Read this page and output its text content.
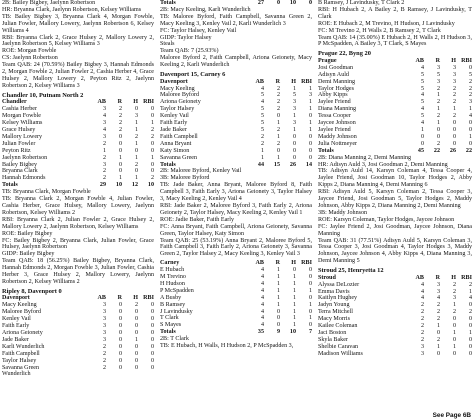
2B: Bailey Bigbey, Jaelynn Robertson

HR: Bryanna Clark, Jaelynn Robertson, Kelsey Williams

TB: Bailey Bigbey 3, Bryanna Clark 4, Morgan Fowble, Julian Fowler, Mallory Lowery, Jaelynn Robertson 6, Kelsey Williams 4

RBI: Bryanna Clark 2, Grace Hulsey 2, Mallory Lowery 2, Jaelynn Robertson 5, Kelsey Williams 3

ROE: Morgan Fowble

CS: Jaelynn Robertson

Team QAB: 24 (70.59%) Bailey Bigbey 3, Hannah Edmonds 2, Morgan Fowble 2, Julian Fowler 2, Cashia Herber 4, Grace Hulsey 2, Mallory Lowery 2, Peyton Ritz 2, Jaelynn Robertson 2, Kelsey Williams 3

Chandler 10, Putnam North 2
Chandler	AB	R	H	RBI
Cashia Herber	3	2	0	0
Morgan Fowble	4	2	3	0
Kelsey Williams	3	2	1	1
Grace Hulsey	4	2	1	2
Mallory Lowery	3	0	2	2
Julian Fowler	2	0	1	0
Peyton Ritz	1	0	0	0
Jaelynn Robertson	2	1	1	1
Bailey Bigbey	3	0	2	0
Bryanna Clark	2	0	0	0
Hannah Edmonds	2	1	1	2
Totals	29	10	12	10

TB: Bryanna Clark, Morgan Fowble

TB: Bryanna Clark 2, Morgan Fowble 4, Julian Fowler, Cashia Herber, Grace Hulsey, Mallory Lowery, Jaelynn Robertson, Kelsey Williams 2

RBI: Bryanna Clark 2, Julian Fowler 2, Grace Hulsey 2, Mallory Lowery 2, Jaelynn Robertson, Kelsey Williams

ROE: Bailey Bigbey

FC: Bailey Bigbey 2, Bryanna Clark, Julian Fowler, Grace Hulsey, Jaelynn Robertson

GIDP: Bailey Bigbey

Team QAB: 18 (56.25%) Bailey Bigbey, Bryanna Clark, Hannah Edmonds 2, Morgan Fowble 3, Julian Fowler, Cashia Herber 3, Grace Hulsey 2, Mallory Lowery, Jaelynn Robertson 2, Kelsey Williams 2

Ripley 8, Davenport 0
Davenport	AB	R	H	RBI
Macy Keeling	3	0	2	0
Maloree Byford	3	0	0	0
Kenley Vail	3	0	0	0
Faith Early	3	0	0	0
Ariona Geionety	3	0	0	0
Jade Baker	3	0	1	0
Karli Wunderlich	2	0	0	0
Faith Campbell	2	0	0	0
Taylor Halsey	2	0	0	0
Savanna Green	2	0	0	0
Wunderlich				
Totals	27	0	10	0

2B: Macy Keeling, Karli Wunderlich

TB: Maloree Byford, Faith Campbell, Savanna Green 2, Macy Keeling 3, Kenley Vail 2, Karli Wunderlich 3

FC: Taylor Halsey, Kenley Vail

GIDP: Taylor Halsey

Steals

Team QAB: 7 (25.93%)

Maloree Byford 2, Faith Campbell, Ariona Geionety, Macy Keeling 2, Karli Wunderlich

Davenport 15, Carney 6
Davenport	AB	R	H	RBI
Macy Keeling	4	2	1	1
Maloree Byford	5	2	5	3
Ariona Geionety	4	2	3	1
Taylor Halsey	5	2	3	1
Kenley Vail	5	0	1	0
Faith Early	5	1	3	1
Jade Baker	5	2	1	1
Faith Campbell	2	1	0	0
Anna Bryant	2	2	0	0
Katy Simon	1	0	0	0
Savanna Green	1	1	0	0
Totals	44	15	26	14

2B: Maloree Byford, Kenley Vail

3B: Maloree Byford

TB: Jade Baker, Anna Bryant, Maloree Byford 8, Faith Campbell 3, Faith Early 3, Ariona Geionety 3, Taylor Halsey 3, Macy Keeling 2, Kenley Vail 4

RBI: Jade Baker 2, Maloree Byford 3, Faith Early 2, Ariona Geionety 2, Taylor Halsey, Macy Keeling 2, Kenley Vail 1

ROE: Jadie Baker, Faith Early

FC: Anna Bryant, Faith Campbell, Ariona Geionety, Savanna Green, Taylor Halsey, Katy Simon

Team QAB: 25 (53.19%) Anna Bryant 2, Maloree Byford 5, Faith Campbell 3, Faith Early 2, Ariona Geionety 3, Savanna Green 2, Taylor Halsey 2, Macy Keeling 3, Kenley Vail 3

Carney	AB	R	H	RBI
E Hubach	4	1	0	0
M Trevino	4	1	1	0
H Hudson	4	1	1	0
P McSpadden	4	1	1	1
A Busby	4	1	1	0
B Ramsey	4	1	1	1
J Lavindusky	4	0	1	0
T Clark	4	0	1	1
S Mayes	4	0	1	0
Totals	35	9	10	7

2B: T Clark

TB: E Hubach, H Walls, H Hudson 2, P McSpadden 3,

B Ramsey, J Lavindusky, T Clark 2

RBI: H Hubach 2, A Bailey 2, B Ramsey, J Lavindusky, T Clark

ROE: E Hubach 2, M Trevino, H Hudson, J Lavindusky

FC: M Trevino 2, H Walls 2, B Ramsey 2, T Clark

Team QAB: 14 (35.00%) E Hubach 2, H Walls 2, H Hudson 3, P McSpadden, A Bailey 3, T Clark, S Mayes

Prague 22, Byng 20
Prague	AB	R	H	RBI
Josi Goodman	4	3	3	0
Adisyn Auld	5	5	3	5
Demi Manning	5	3	3	2
Taylor Hodges	5	2	2	2
Abby Kipps	4	1	2	2
Jaylee Friend	5	2	2	3
Diana Manning	4	1	1	1
Tessa Cooper	5	2	2	4
Jaycee Johnson	4	1	0	0
Jaylee Friend	1	0	0	0
Maddy Johnson	0	0	0	1
Julia Nottmeyer	0	2	0	0
Totals	45	22	26	22

2B: Diana Manning 2, Demi Manning

HR: Adisyn Auld 3, Josi Goodman 2, Demi Manning

TB: Adisyn Auld 14, Karsyn Coleman 4, Tessa Cooper 4, Jaylee Friend, Josi Goodman 10, Taylor Hodges 2, Abby Kipps 2, Diana Manning 4, Demi Manning 6

RBI: Adisyn Auld 5, Karsyn Coleman 2, Tessa Cooper 3, Jaycee Friend, Josi Goodman 5, Taylor Hodges 2, Maddy Johnson, Abby Kipps 2, Diana Manning 2, Demi Manning

3B: Maddy Johnson

ROE: Karsyn Coleman, Taylor Hodges, Jaycee Johnson

FC: Jaylee Friend 2, Josi Goodman, Jaycee Johnson, Diana Manning

Team QAB: 31 (77.51%) Adisyn Auld 5, Karsyn Coleman 3, Tessa Cooper 3, Josi Goodman 4, Taylor Hodges 3, Maddy Johnson, Jaycee Johnson 4, Abby Kipps 4, Diana Manning 3, Demi Manning 5

Stroud 25, Henryetta 12
Stroud	AB	R	H	RBI
Alyssa DeLozier	4	3	2	2
Emma Davis	4	3	2	1
Kaitlyn Hughey	4	4	3	4
Jadyn Young	2	2	1	0
Terra Mitchell	2	2	2	2
Macy Morris	2	2	0	0
Kailee Coleman	2	1	0	0
Jaci Boston	2	0	1	1
Skyla Baker	2	2	0	0
Shelbie Caravan	3	1	1	0
Madison Williams	3	0	0	0
See Page 6B
